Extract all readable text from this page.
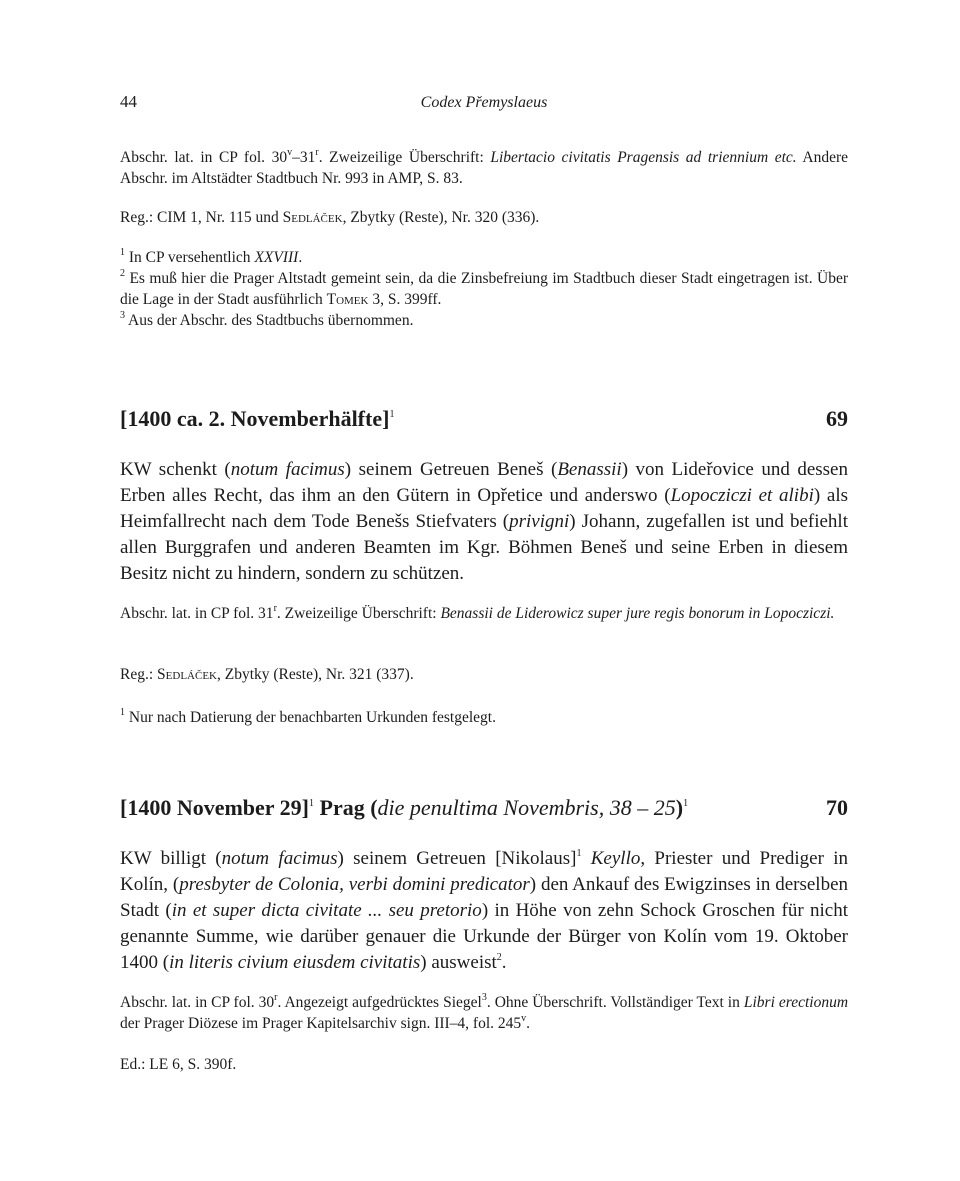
44	Codex Přemyslaeus

Abschr. lat. in CP fol. 30$^v$–31$^r$. Zweizeilige Überschrift: Libertacio civitatis Pragensis ad triennium etc. Andere Abschr. im Altstädter Stadtbuch Nr. 993 in AMP, S. 83.

Reg.: CIM 1, Nr. 115 und Sedláček, Zbytky (Reste), Nr. 320 (336).

$^1$ In CP versehentlich XXVIII.

$^2$ Es muß hier die Prager Altstadt gemeint sein, da die Zinsbefreiung im Stadtbuch dieser Stadt eingetragen ist. Über die Lage in der Stadt ausführlich Tomek 3, S. 399ff.

$^3$ Aus der Abschr. des Stadtbuchs übernommen.

[1400 ca. 2. Novemberhälfte]$^1$	69

KW schenkt (notum facimus) seinem Getreuen Beneš (Benassii) von Lideřovice und dessen Erben alles Recht, das ihm an den Gütern in Opřetice und anderswo (Lopocziczi et alibi) als Heimfallrecht nach dem Tode Benešs Stiefvaters (privigni) Johann, zugefallen ist und befiehlt allen Burggrafen und anderen Beamten im Kgr. Böhmen Beneš und seine Erben in diesem Besitz nicht zu hindern, sondern zu schützen.

Abschr. lat. in CP fol. 31$^r$. Zweizeilige Überschrift: Benassii de Liderowicz super jure regis bonorum in Lopocziczi.

Reg.: Sedláček, Zbytky (Reste), Nr. 321 (337).

$^1$ Nur nach Datierung der benachbarten Urkunden festgelegt.

[1400 November 29]$^1$ Prag (die penultima Novembris, 38 – 25)$^1$	70

KW billigt (notum facimus) seinem Getreuen [Nikolaus]$^1$ Keyllo, Priester und Prediger in Kolín, (presbyter de Colonia, verbi domini predicator) den Ankauf des Ewigzinses in derselben Stadt (in et super dicta civitate ... seu pretorio) in Höhe von zehn Schock Groschen für nicht genannte Summe, wie darüber genauer die Urkunde der Bürger von Kolín vom 19. Oktober 1400 (in literis civium eiusdem civitatis) ausweist$^2$.

Abschr. lat. in CP fol. 30$^r$. Angezeigt aufgedrücktes Siegel$^3$. Ohne Überschrift. Vollständiger Text in Libri erectionum der Prager Diözese im Prager Kapitelsarchiv sign. III–4, fol. 245$^v$.

Ed.: LE 6, S. 390f.
